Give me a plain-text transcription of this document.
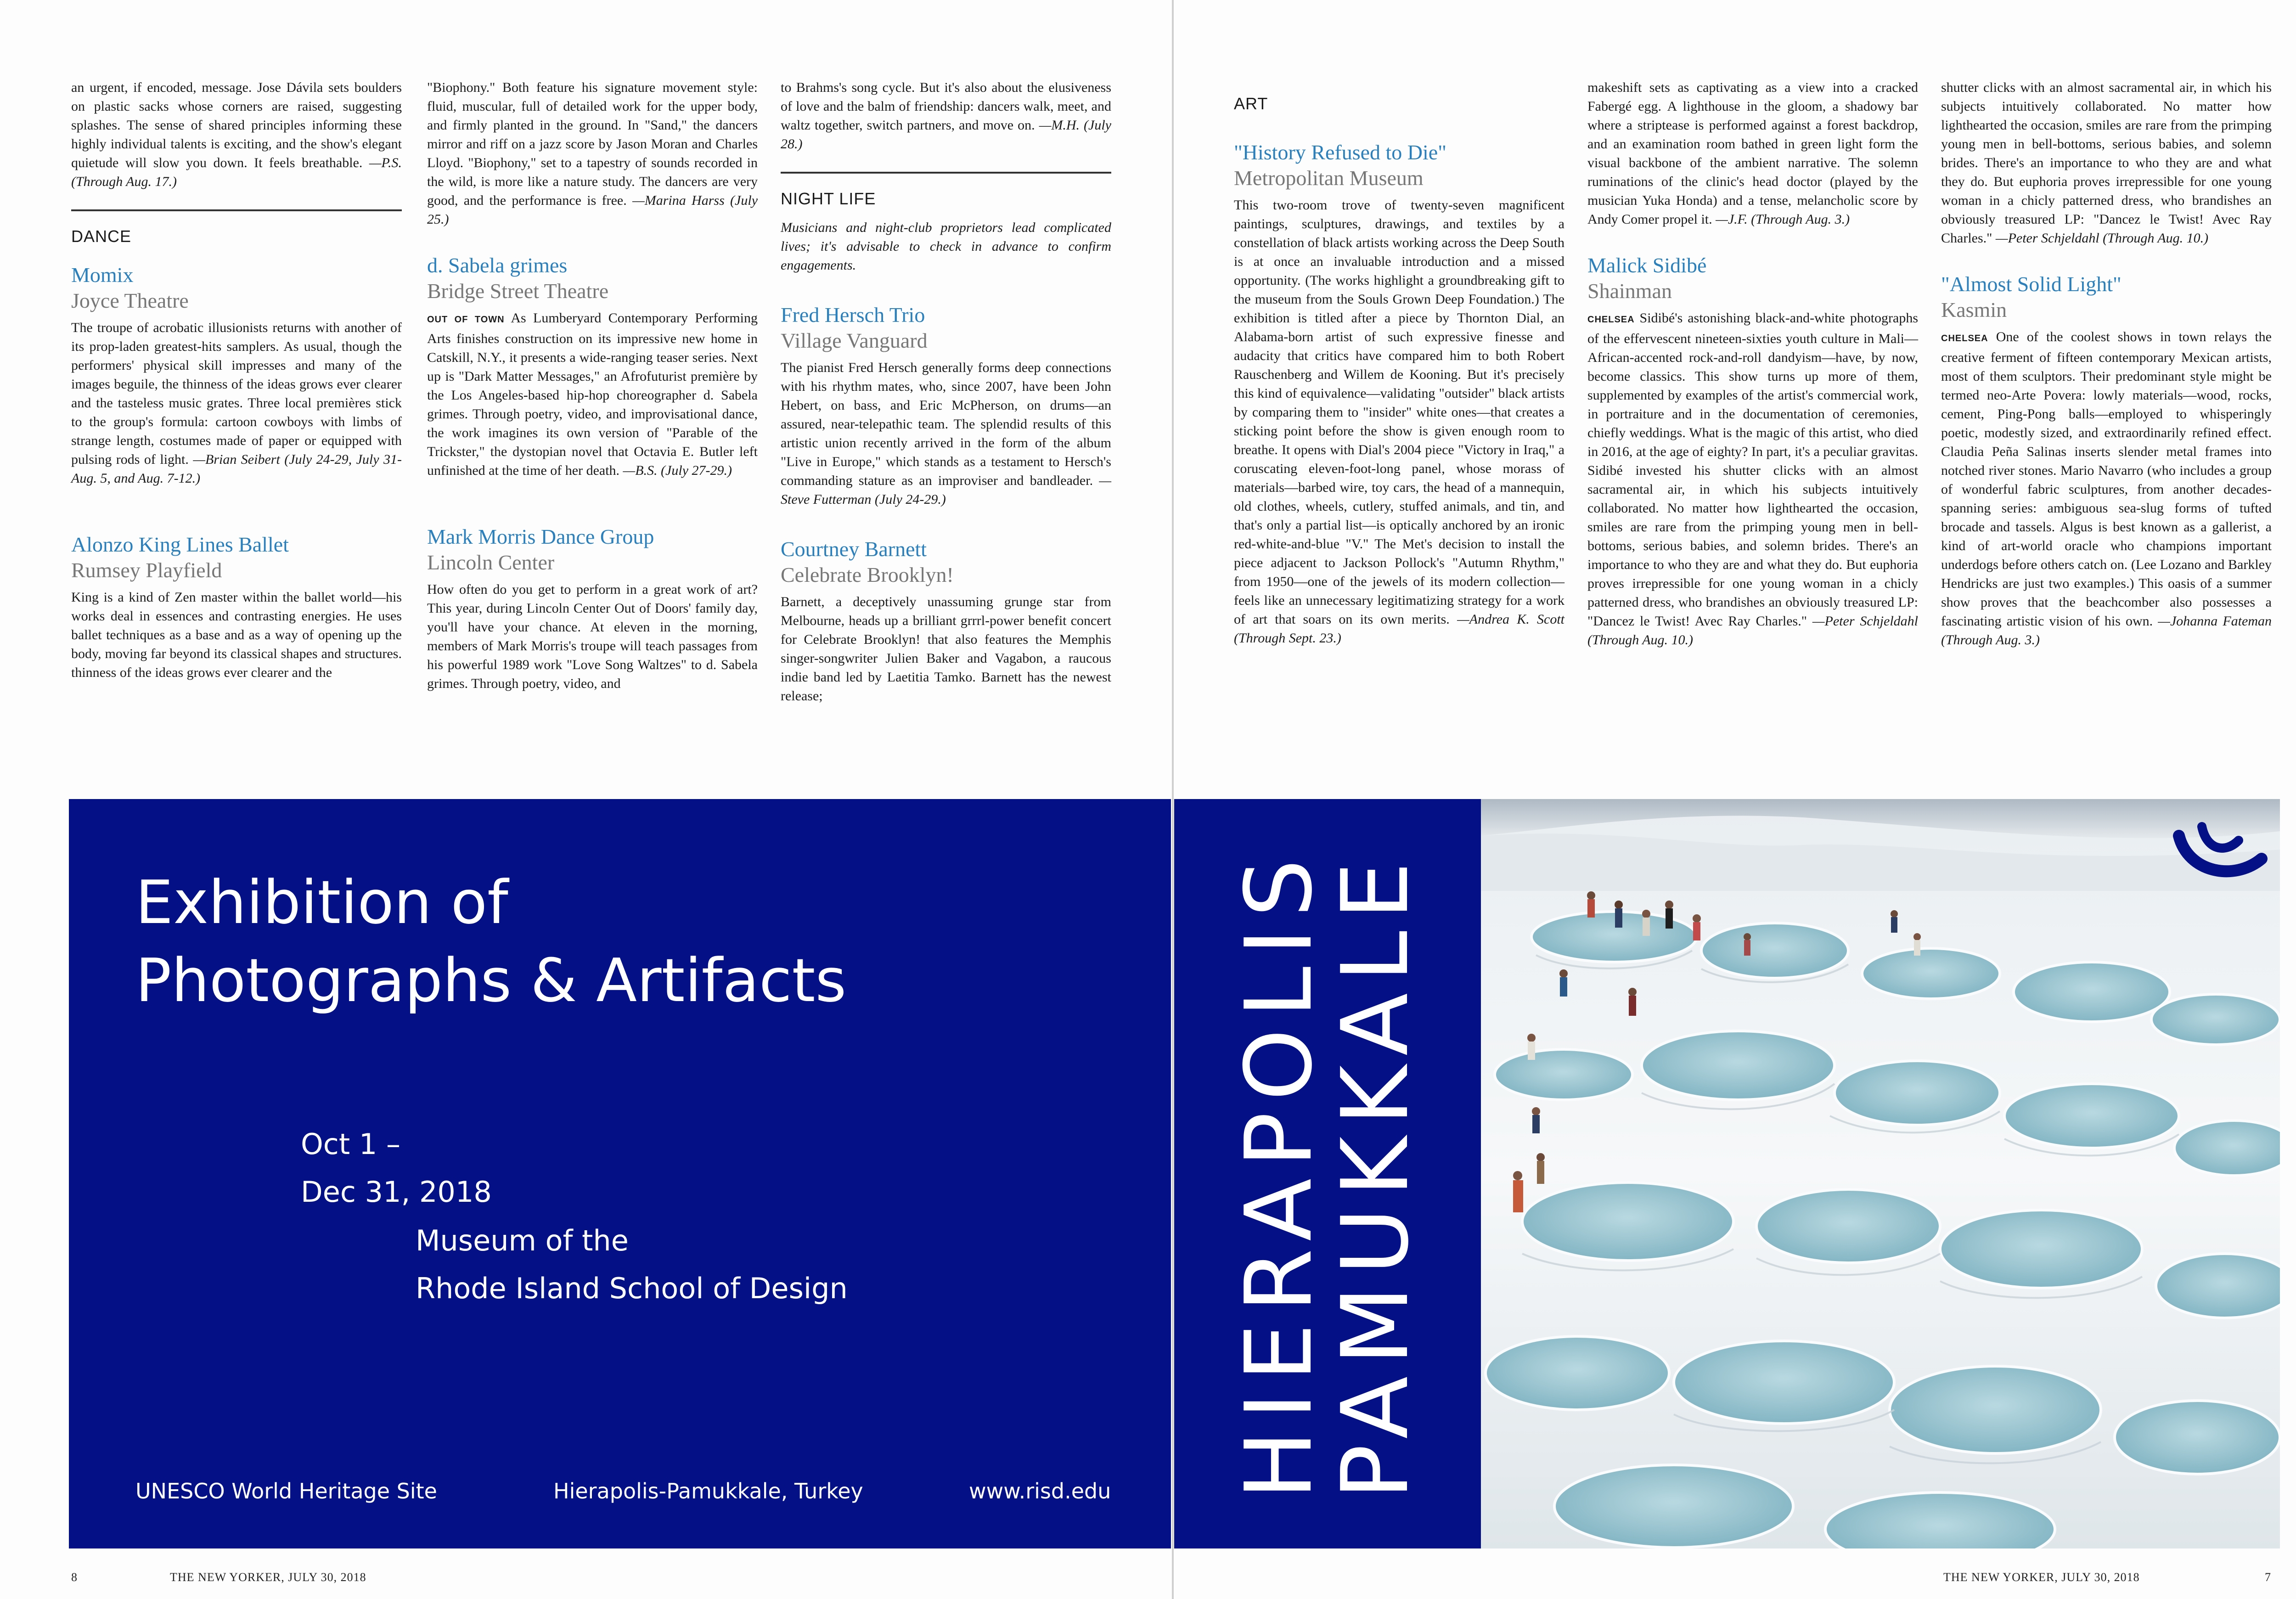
an urgent, if encoded, message. Jose Dávila sets boulders on plastic sacks whose corners are raised, suggesting splashes. The sense of shared principles informing these highly individual talents is exciting, and the show's elegant quietude will slow you down. It feels breathable. —P.S. (Through Aug. 17.)

DANCE
Momix
Joyce Theatre

The troupe of acrobatic illusionists returns with another of its prop-laden greatest-hits samplers. As usual, though the performers' physical skill impresses and many of the images beguile, the thinness of the ideas grows ever clearer and the tasteless music grates. Three local premières stick to the group's formula: cartoon cowboys with limbs of strange length, costumes made of paper or equipped with pulsing rods of light. —Brian Seibert (July 24-29, July 31-Aug. 5, and Aug. 7-12.)

Alonzo King Lines Ballet
Rumsey Playfield

King is a kind of Zen master within the ballet world—his works deal in essences and contrasting energies. He uses ballet techniques as a base and as a way of opening up the body, moving far beyond its classical shapes and structures. thinness of the ideas grows ever clearer and the

"Biophony." Both feature his signature movement style: fluid, muscular, full of detailed work for the upper body, and firmly planted in the ground. In "Sand," the dancers mirror and riff on a jazz score by Jason Moran and Charles Lloyd. "Biophony," set to a tapestry of sounds recorded in the wild, is more like a nature study. The dancers are very good, and the performance is free. —Marina Harss (July 25.)

d. Sabela grimes
Bridge Street Theatre

OUT OF TOWN As Lumberyard Contemporary Performing Arts finishes construction on its impressive new home in Catskill, N.Y., it presents a wide-ranging teaser series. Next up is "Dark Matter Messages," an Afrofuturist première by the Los Angeles-based hip-hop choreographer d. Sabela grimes. Through poetry, video, and improvisational dance, the work imagines its own version of "Parable of the Trickster," the dystopian novel that Octavia E. Butler left unfinished at the time of her death. —B.S. (July 27-29.)

Mark Morris Dance Group
Lincoln Center

How often do you get to perform in a great work of art? This year, during Lincoln Center Out of Doors' family day, you'll have your chance. At eleven in the morning, members of Mark Morris's troupe will teach passages from his powerful 1989 work "Love Song Waltzes" to d. Sabela grimes. Through poetry, video, and

to Brahms's song cycle. But it's also about the elusiveness of love and the balm of friendship: dancers walk, meet, and waltz together, switch partners, and move on. —M.H. (July 28.)

NIGHT LIFE

Musicians and night-club proprietors lead complicated lives; it's advisable to check in advance to confirm engagements.

Fred Hersch Trio
Village Vanguard

The pianist Fred Hersch generally forms deep connections with his rhythm mates, who, since 2007, have been John Hebert, on bass, and Eric McPherson, on drums—an assured, near-telepathic team. The splendid results of this artistic union recently arrived in the form of the album "Live in Europe," which stands as a testament to Hersch's commanding stature as an improviser and bandleader. —Steve Futterman (July 24-29.)

Courtney Barnett
Celebrate Brooklyn!

Barnett, a deceptively unassuming grunge star from Melbourne, heads up a brilliant grrrl-power benefit concert for Celebrate Brooklyn! that also features the Memphis singer-songwriter Julien Baker and Vagabon, a raucous indie band led by Laetitia Tamko. Barnett has the newest release;

8	THE NEW YORKER, JULY 30, 2018
ART
"History Refused to Die"
Metropolitan Museum

This two-room trove of twenty-seven magnificent paintings, sculptures, drawings, and textiles by a constellation of black artists working across the Deep South is at once an invaluable introduction and a missed opportunity. (The works highlight a groundbreaking gift to the museum from the Souls Grown Deep Foundation.) The exhibition is titled after a piece by Thornton Dial, an Alabama-born artist of such expressive finesse and audacity that critics have compared him to both Robert Rauschenberg and Willem de Kooning. But it's precisely this kind of equivalence—validating "outsider" black artists by comparing them to "insider" white ones—that creates a sticking point before the show is given enough room to breathe. It opens with Dial's 2004 piece "Victory in Iraq," a coruscating eleven-foot-long panel, whose morass of materials—barbed wire, toy cars, the head of a mannequin, old clothes, wheels, cutlery, stuffed animals, and tin, and that's only a partial list—is optically anchored by an ironic red-white-and-blue "V." The Met's decision to install the piece adjacent to Jackson Pollock's "Autumn Rhythm," from 1950—one of the jewels of its modern collection—feels like an unnecessary legitimatizing strategy for a work of art that soars on its own merits. —Andrea K. Scott (Through Sept. 23.)

makeshift sets as captivating as a view into a cracked Fabergé egg. A lighthouse in the gloom, a shadowy bar where a striptease is performed against a forest backdrop, and an examination room bathed in green light form the visual backbone of the ambient narrative. The solemn ruminations of the clinic's head doctor (played by the musician Yuka Honda) and a tense, melancholic score by Andy Comer propel it. —J.F. (Through Aug. 3.)

Malick Sidibé
Shainman

CHELSEA Sidibé's astonishing black-and-white photographs of the effervescent nineteen-sixties youth culture in Mali—African-accented rock-and-roll dandyism—have, by now, become classics. This show turns up more of them, supplemented by examples of the artist's commercial work, in portraiture and in the documentation of ceremonies, chiefly weddings. What is the magic of this artist, who died in 2016, at the age of eighty? In part, it's a peculiar gravitas. Sidibé invested his shutter clicks with an almost sacramental air, in which his subjects intuitively collaborated. No matter how lighthearted the occasion, smiles are rare from the primping young men in bell-bottoms, serious babies, and solemn brides. There's an importance to who they are and what they do. But euphoria proves irrepressible for one young woman in a chicly patterned dress, who brandishes an obviously treasured LP: "Dancez le Twist! Avec Ray Charles." —Peter Schjeldahl (Through Aug. 10.)

shutter clicks with an almost sacramental air, in which his subjects intuitively collaborated. No matter how lighthearted the occasion, smiles are rare from the primping young men in bell-bottoms, serious babies, and solemn brides. There's an importance to who they are and what they do. But euphoria proves irrepressible for one young woman in a chicly patterned dress, who brandishes an obviously treasured LP: "Dancez le Twist! Avec Ray Charles." —Peter Schjeldahl (Through Aug. 10.)

"Almost Solid Light"
Kasmin

CHELSEA One of the coolest shows in town relays the creative ferment of fifteen contemporary Mexican artists, most of them sculptors. Their predominant style might be termed neo-Arte Povera: lowly materials—wood, rocks, cement, Ping-Pong balls—employed to whisperingly poetic, modestly sized, and extraordinarily refined effect. Claudia Peña Salinas inserts slender metal frames into notched river stones. Mario Navarro (who includes a group of wonderful fabric sculptures, from another decades-spanning series: ambiguous sea-slug forms of tufted brocade and tassels. Algus is best known as a gallerist, a kind of art-world oracle who champions important underdogs before others catch on. (Lee Lozano and Barkley Hendricks are just two examples.) This oasis of a summer show proves that the beachcomber also possesses a fascinating artistic vision of his own. —Johanna Fateman (Through Aug. 3.)

THE NEW YORKER, JULY 30, 2018	7
Exhibition of
Photographs & Artifacts
Oct 1 –
Dec 31, 2018
Museum of the
Rhode Island School of Design
UNESCO World Heritage Site	Hierapolis-Pamukkale, Turkey	www.risd.edu HIERAPOLIS
PAMUKKALE
